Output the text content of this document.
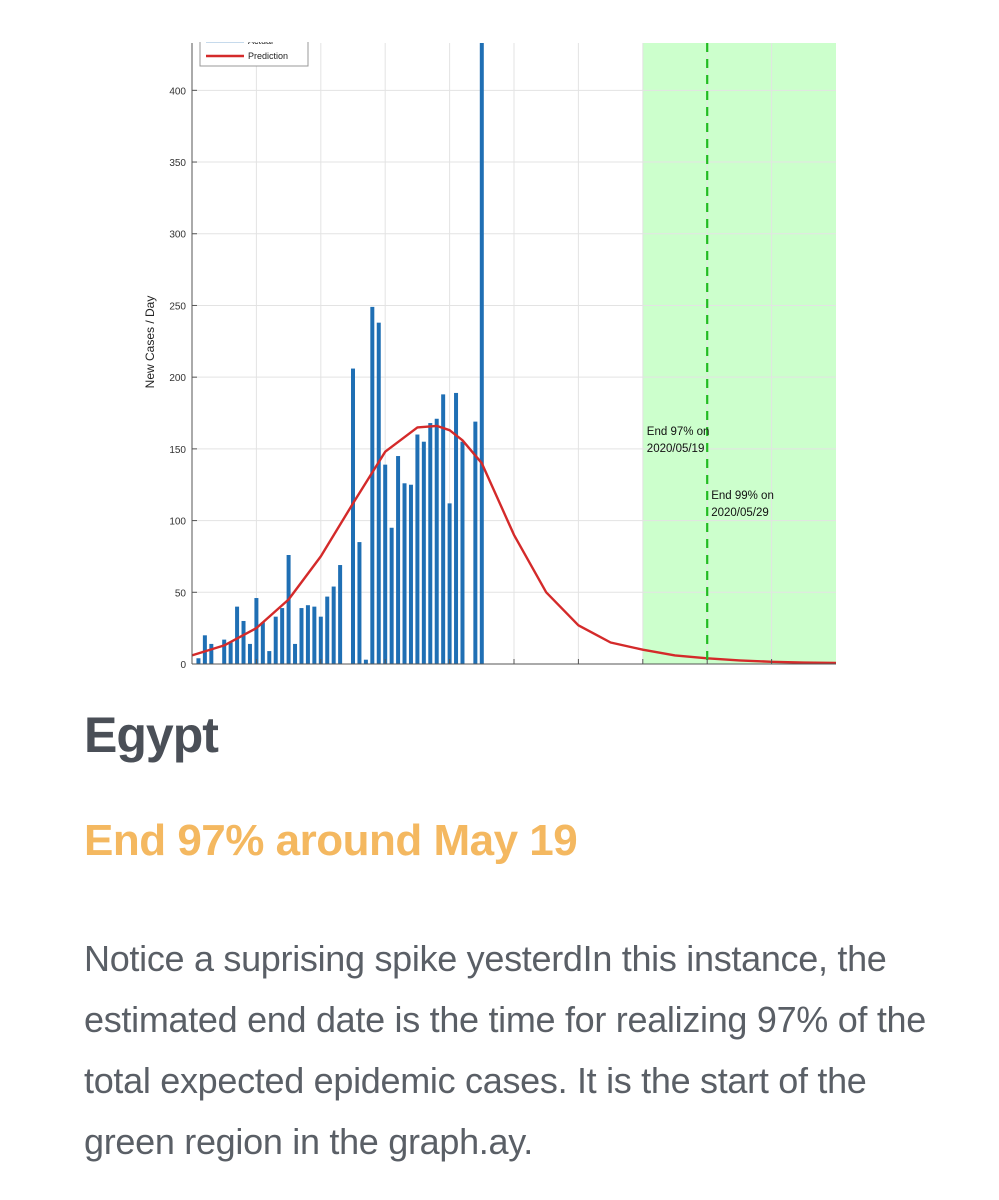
0
50
100
150
200
250
300
350
400
New Cases / Day
Prediction
End 97% on 2020/05/19
End 99% on 2020/05/29
Egypt
End 97% around May 19

Notice a suprising spike yesterdIn this instance, the estimated end date is the time for realizing 97% of the total expected epidemic cases. It is the start of the green region in the graph.ay.
